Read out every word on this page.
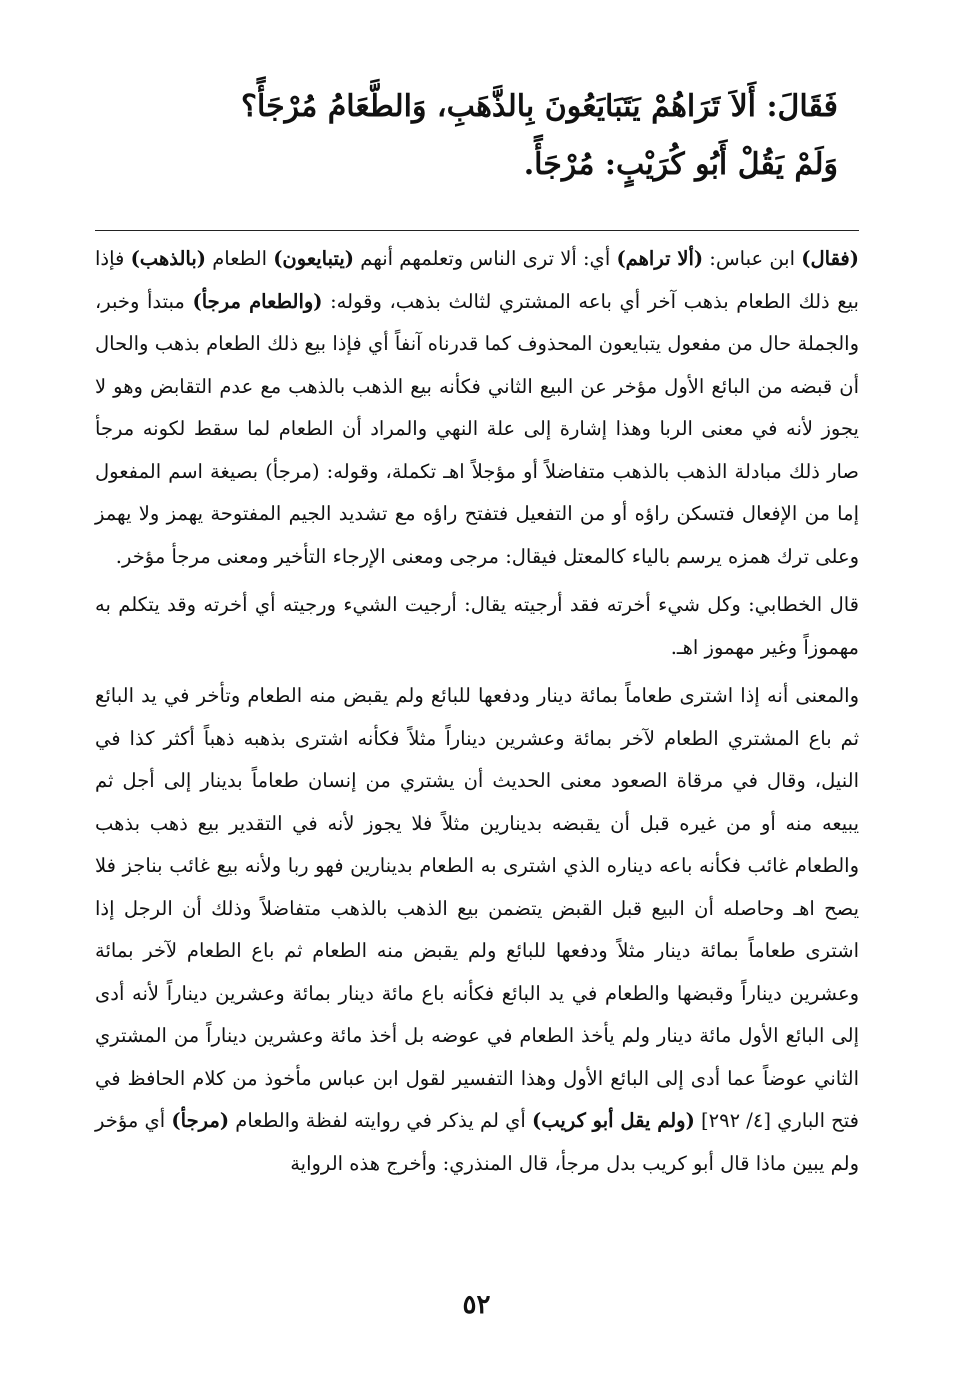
فَقَالَ: أَلاَ تَرَاهُمْ يَتَبَايَعُونَ بِالذَّهَبِ، وَالطَّعَامُ مُرْجَأً؟

وَلَمْ يَقُلْ أَبُو كُرَيْبٍ: مُرْجَأً.

(فقال) ابن عباس: (ألا تراهم) أي: ألا ترى الناس وتعلمهم أنهم (يتبايعون) الطعام (بالذهب) فإذا بيع ذلك الطعام بذهب آخر أي باعه المشتري لثالث بذهب، وقوله: (والطعام مرجأ) مبتدأ وخبر، والجملة حال من مفعول يتبايعون المحذوف كما قدرناه آنفاً أي فإذا بيع ذلك الطعام بذهب والحال أن قبضه من البائع الأول مؤخر عن البيع الثاني فكأنه بيع الذهب بالذهب مع عدم التقابض وهو لا يجوز لأنه في معنى الربا وهذا إشارة إلى علة النهي والمراد أن الطعام لما سقط لكونه مرجأ صار ذلك مبادلة الذهب بالذهب متفاضلاً أو مؤجلاً اهـ تكملة، وقوله: (مرجأ) بصيغة اسم المفعول إما من الإفعال فتسكن راؤه أو من التفعيل فتفتح راؤه مع تشديد الجيم المفتوحة يهمز ولا يهمز وعلى ترك همزه يرسم بالياء كالمعتل فيقال: مرجى ومعنى الإرجاء التأخير ومعنى مرجأ مؤخر.

قال الخطابي: وكل شيء أخرته فقد أرجيته يقال: أرجيت الشيء ورجيته أي أخرته وقد يتكلم به مهموزاً وغير مهموز اهـ.

والمعنى أنه إذا اشترى طعاماً بمائة دينار ودفعها للبائع ولم يقبض منه الطعام وتأخر في يد البائع ثم باع المشتري الطعام لآخر بمائة وعشرين ديناراً مثلاً فكأنه اشترى بذهبه ذهباً أكثر كذا في النيل، وقال في مرقاة الصعود معنى الحديث أن يشتري من إنسان طعاماً بدينار إلى أجل ثم يبيعه منه أو من غيره قبل أن يقبضه بدينارين مثلاً فلا يجوز لأنه في التقدير بيع ذهب بذهب والطعام غائب فكأنه باعه ديناره الذي اشترى به الطعام بدينارين فهو ربا ولأنه بيع غائب بناجز فلا يصح اهـ وحاصله أن البيع قبل القبض يتضمن بيع الذهب بالذهب متفاضلاً وذلك أن الرجل إذا اشترى طعاماً بمائة دينار مثلاً ودفعها للبائع ولم يقبض منه الطعام ثم باع الطعام لآخر بمائة وعشرين ديناراً وقبضها والطعام في يد البائع فكأنه باع مائة دينار بمائة وعشرين ديناراً لأنه أدى إلى البائع الأول مائة دينار ولم يأخذ الطعام في عوضه بل أخذ مائة وعشرين ديناراً من المشتري الثاني عوضاً عما أدى إلى البائع الأول وهذا التفسير لقول ابن عباس مأخوذ من كلام الحافظ في فتح الباري [٤/ ٢٩٢] (ولم يقل أبو كريب) أي لم يذكر في روايته لفظة والطعام (مرجأ) أي مؤخر ولم يبين ماذا قال أبو كريب بدل مرجأ، قال المنذري: وأخرج هذه الرواية

٥٢
